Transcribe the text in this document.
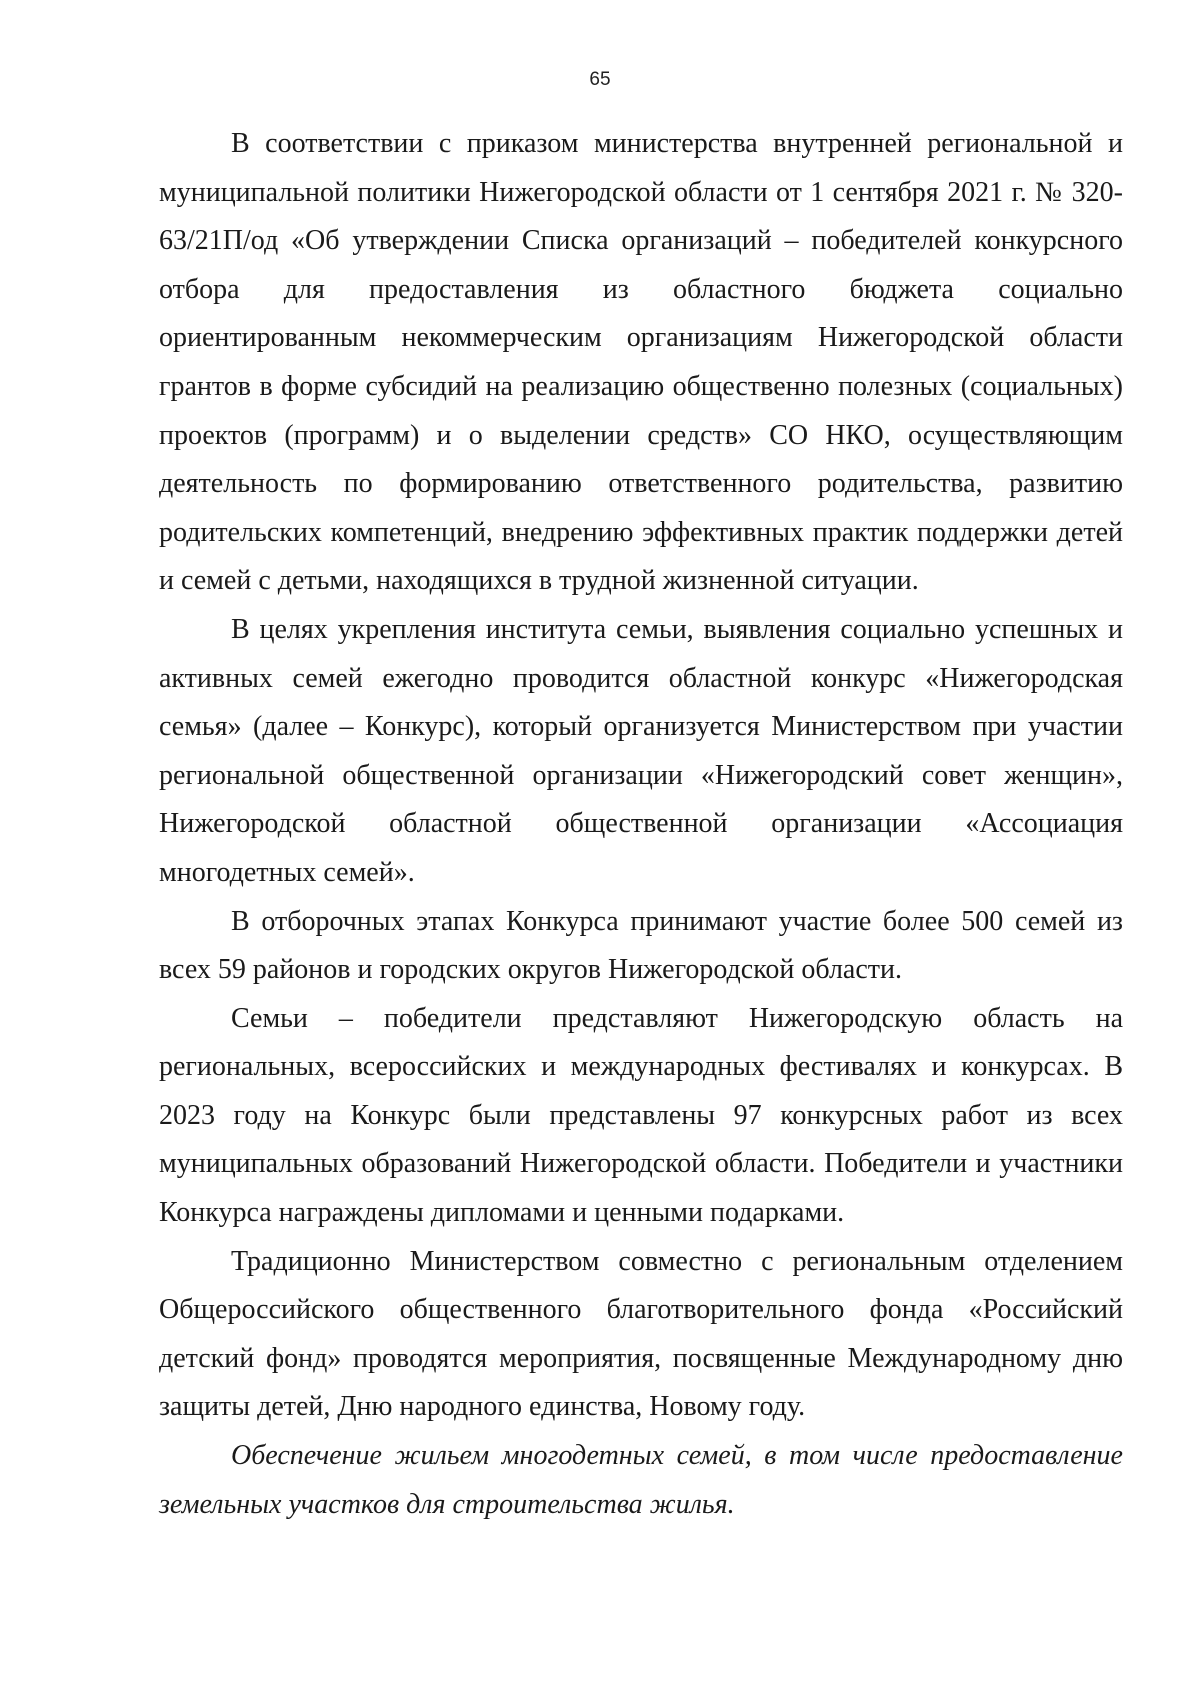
65

В соответствии с приказом министерства внутренней региональной и муниципальной политики Нижегородской области от 1 сентября 2021 г. № 320-63/21П/од «Об утверждении Списка организаций – победителей конкурсного отбора для предоставления из областного бюджета социально ориентированным некоммерческим организациям Нижегородской области грантов в форме субсидий на реализацию общественно полезных (социальных) проектов (программ) и о выделении средств» СО НКО, осуществляющим деятельность по формированию ответственного родительства, развитию родительских компетенций, внедрению эффективных практик поддержки детей и семей с детьми, находящихся в трудной жизненной ситуации.

В целях укрепления института семьи, выявления социально успешных и активных семей ежегодно проводится областной конкурс «Нижегородская семья» (далее – Конкурс), который организуется Министерством при участии региональной общественной организации «Нижегородский совет женщин», Нижегородской областной общественной организации «Ассоциация многодетных семей».

В отборочных этапах Конкурса принимают участие более 500 семей из всех 59 районов и городских округов Нижегородской области.

Семьи – победители представляют Нижегородскую область на региональных, всероссийских и международных фестивалях и конкурсах. В 2023 году на Конкурс были представлены 97 конкурсных работ из всех муниципальных образований Нижегородской области. Победители и участники Конкурса награждены дипломами и ценными подарками.

Традиционно Министерством совместно с региональным отделением Общероссийского общественного благотворительного фонда «Российский детский фонд» проводятся мероприятия, посвященные Международному дню защиты детей, Дню народного единства, Новому году.

Обеспечение жильем многодетных семей, в том числе предоставление земельных участков для строительства жилья.
